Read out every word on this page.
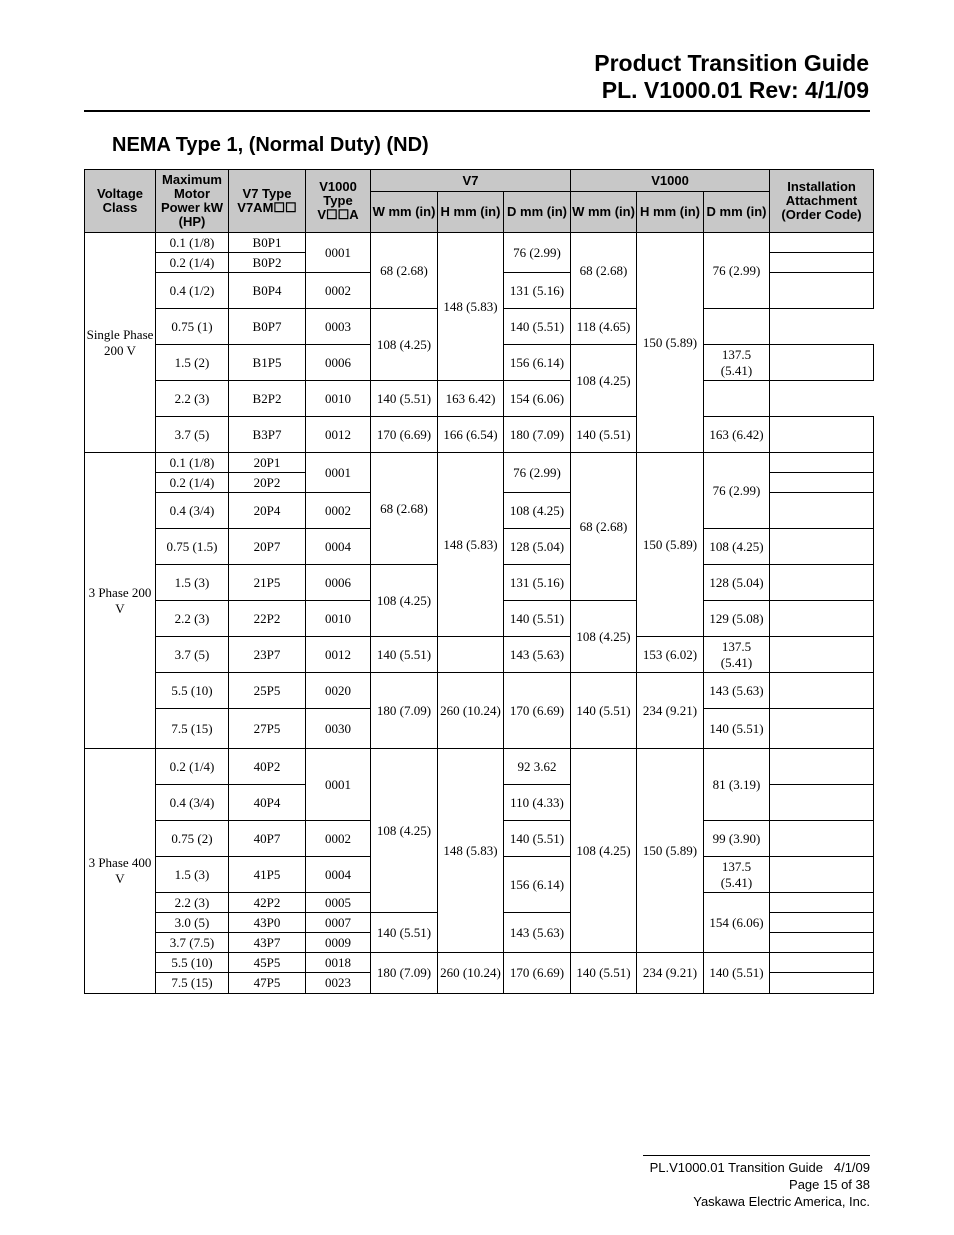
Product Transition Guide
PL. V1000.01 Rev: 4/1/09
NEMA Type 1, (Normal Duty) (ND)
Voltage Class	Maximum Motor Power kW (HP)	V7 Type V7AM☐☐	V1000 Type V☐☐A	V7			V1000			Installation Attachment (Order Code)
				W mm (in)	H mm (in)	D mm (in)	W mm (in)	H mm (in)	D mm (in)	
Single Phase 200 V	0.1 (1/8)	B0P1	0001	68 (2.68)	148 (5.83)	76 (2.99)	68 (2.68)	150 (5.89)	76 (2.99)	
	0.2 (1/4)	B0P2								
	0.4 (1/2)	B0P4	0002			131 (5.16)				
	0.75 (1)	B0P7	0003	108 (4.25)		140 (5.51)	118 (4.65)			
	1.5 (2)	B1P5	0006			156 (6.14)	108 (4.25)		137.5 (5.41)	
	2.2 (3)	B2P2	0010	140 (5.51)	163 6.42)	154 (6.06)				
	3.7 (5)	B3P7	0012	170 (6.69)	166 (6.54)	180 (7.09)	140 (5.51)		163 (6.42)	
3 Phase 200 V	0.1 (1/8)	20P1	0001	68 (2.68)	148 (5.83)	76 (2.99)	68 (2.68)	150 (5.89)	76 (2.99)	
	0.2 (1/4)	20P2								
	0.4 (3/4)	20P4	0002			108 (4.25)				
	0.75 (1.5)	20P7	0004			128 (5.04)			108 (4.25)	
	1.5 (3)	21P5	0006	108 (4.25)		131 (5.16)			128 (5.04)	
	2.2 (3)	22P2	0010			140 (5.51)	108 (4.25)		129 (5.08)	
	3.7 (5)	23P7	0012	140 (5.51)		143 (5.63)		153 (6.02)	137.5 (5.41)	
	5.5 (10)	25P5	0020	180 (7.09)	260 (10.24)	170 (6.69)	140 (5.51)	234 (9.21)	143 (5.63)	
	7.5 (15)	27P5	0030						140 (5.51)	
3 Phase 400 V	0.2 (1/4)	40P2	0001	108 (4.25)	148 (5.83)	92 3.62	108 (4.25)	150 (5.89)	81 (3.19)	
	0.4 (3/4)	40P4				110 (4.33)				
	0.75 (2)	40P7	0002			140 (5.51)			99 (3.90)	
	1.5 (3)	41P5	0004			156 (6.14)			137.5 (5.41)	
	2.2 (3)	42P2	0005						154 (6.06)	
	3.0 (5)	43P0	0007	140 (5.51)		143 (5.63)				
	3.7 (7.5)	43P7	0009							
	5.5 (10)	45P5	0018	180 (7.09)	260 (10.24)	170 (6.69)	140 (5.51)	234 (9.21)	140 (5.51)	
	7.5 (15)	47P5	0023							
PL.V1000.01 Transition Guide   4/1/09
Page 15 of 38
Yaskawa Electric America, Inc.
